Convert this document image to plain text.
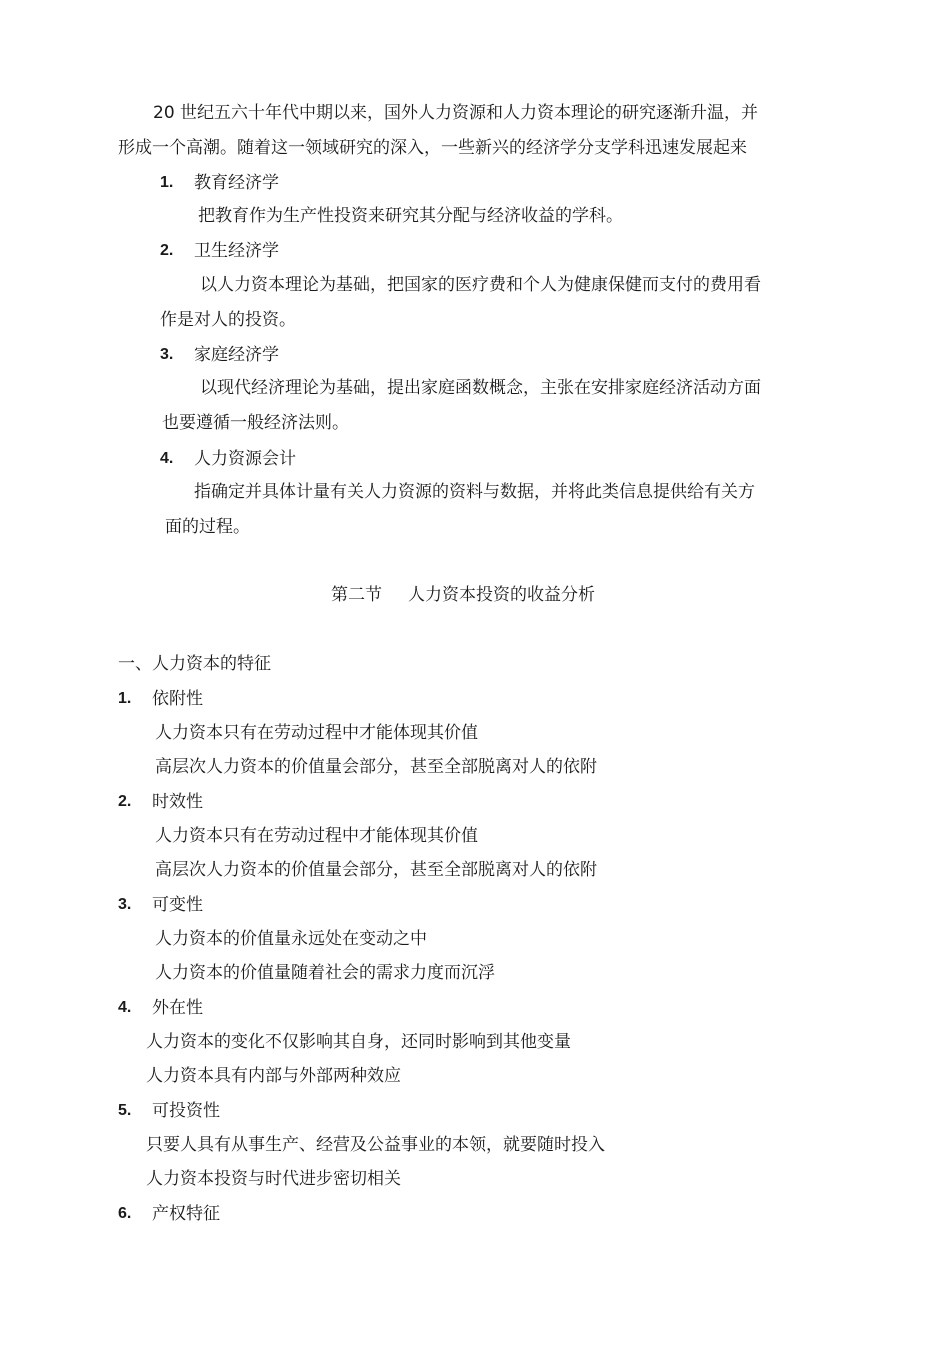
20 世纪五六十年代中期以来，国外人力资源和人力资本理论的研究逐渐升温，并
形成一个高潮。随着这一领域研究的深入，一些新兴的经济学分支学科迅速发展起来
1. 教育经济学
把教育作为生产性投资来研究其分配与经济收益的学科。
2. 卫生经济学
以人力资本理论为基础，把国家的医疗费和个人为健康保健而支付的费用看
作是对人的投资。
3. 家庭经济学
以现代经济理论为基础，提出家庭函数概念，主张在安排家庭经济活动方面
也要遵循一般经济法则。
4. 人力资源会计
指确定并具体计量有关人力资源的资料与数据，并将此类信息提供给有关方
面的过程。
第二节 人力资本投资的收益分析
一、人力资本的特征
1. 依附性
人力资本只有在劳动过程中才能体现其价值
高层次人力资本的价值量会部分，甚至全部脱离对人的依附
2. 时效性
人力资本只有在劳动过程中才能体现其价值
高层次人力资本的价值量会部分，甚至全部脱离对人的依附
3. 可变性
人力资本的价值量永远处在变动之中
人力资本的价值量随着社会的需求力度而沉浮
4. 外在性
人力资本的变化不仅影响其自身，还同时影响到其他变量
人力资本具有内部与外部两种效应
5. 可投资性
只要人具有从事生产、经营及公益事业的本领，就要随时投入
人力资本投资与时代进步密切相关
6. 产权特征
